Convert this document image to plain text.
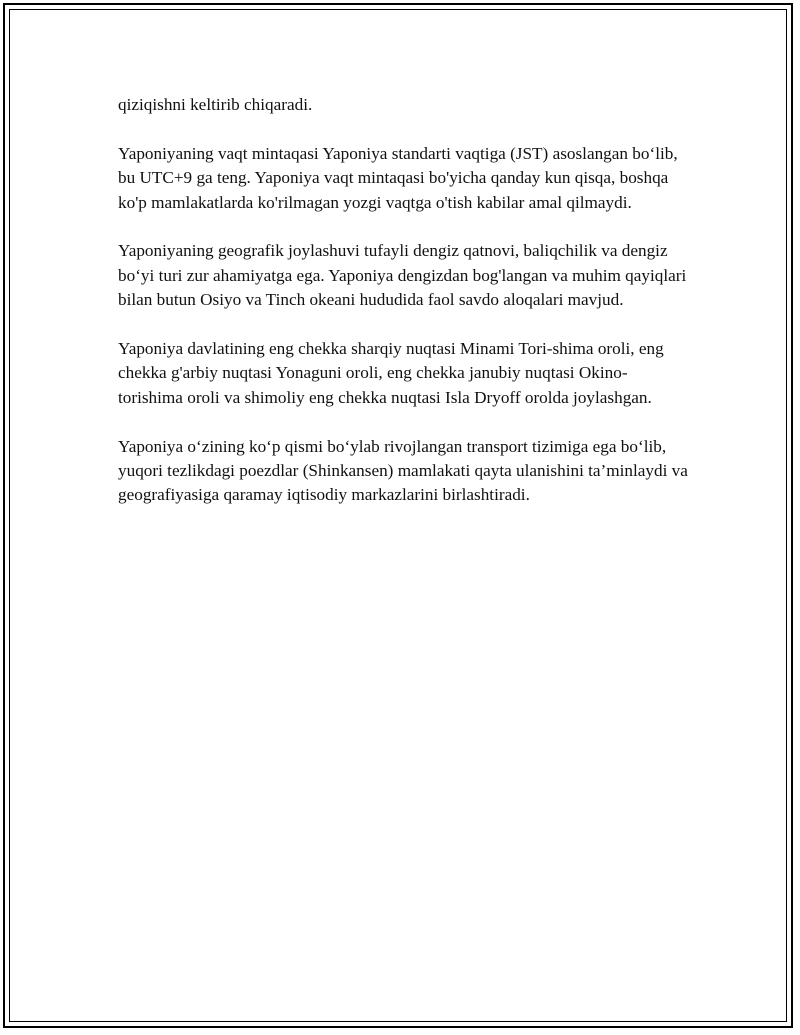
qiziqishni keltirib chiqaradi.

Yaponiyaning vaqt mintaqasi Yaponiya standarti vaqtiga (JST) asoslangan bo‘lib, bu UTC+9 ga teng. Yaponiya vaqt mintaqasi bo'yicha qanday kun qisqa, boshqa ko'p mamlakatlarda ko'rilmagan yozgi vaqtga o'tish kabilar amal qilmaydi.

Yaponiyaning geografik joylashuvi tufayli dengiz qatnovi, baliqchilik va dengiz bo‘yi turi zur ahamiyatga ega. Yaponiya dengizdan bog'langan va muhim qayiqlari bilan butun Osiyo va Tinch okeani hududida faol savdo aloqalari mavjud.

Yaponiya davlatining eng chekka sharqiy nuqtasi Minami Tori-shima oroli, eng chekka g'arbiy nuqtasi Yonaguni oroli, eng chekka janubiy nuqtasi Okino-torishima oroli va shimoliy eng chekka nuqtasi Isla Dryoff orolda joylashgan.

Yaponiya o‘zining ko‘p qismi bo‘ylab rivojlangan transport tizimiga ega bo‘lib, yuqori tezlikdagi poezdlar (Shinkansen) mamlakati qayta ulanishini ta’minlaydi va geografiyasiga qaramay iqtisodiy markazlarini birlashtiradi.
